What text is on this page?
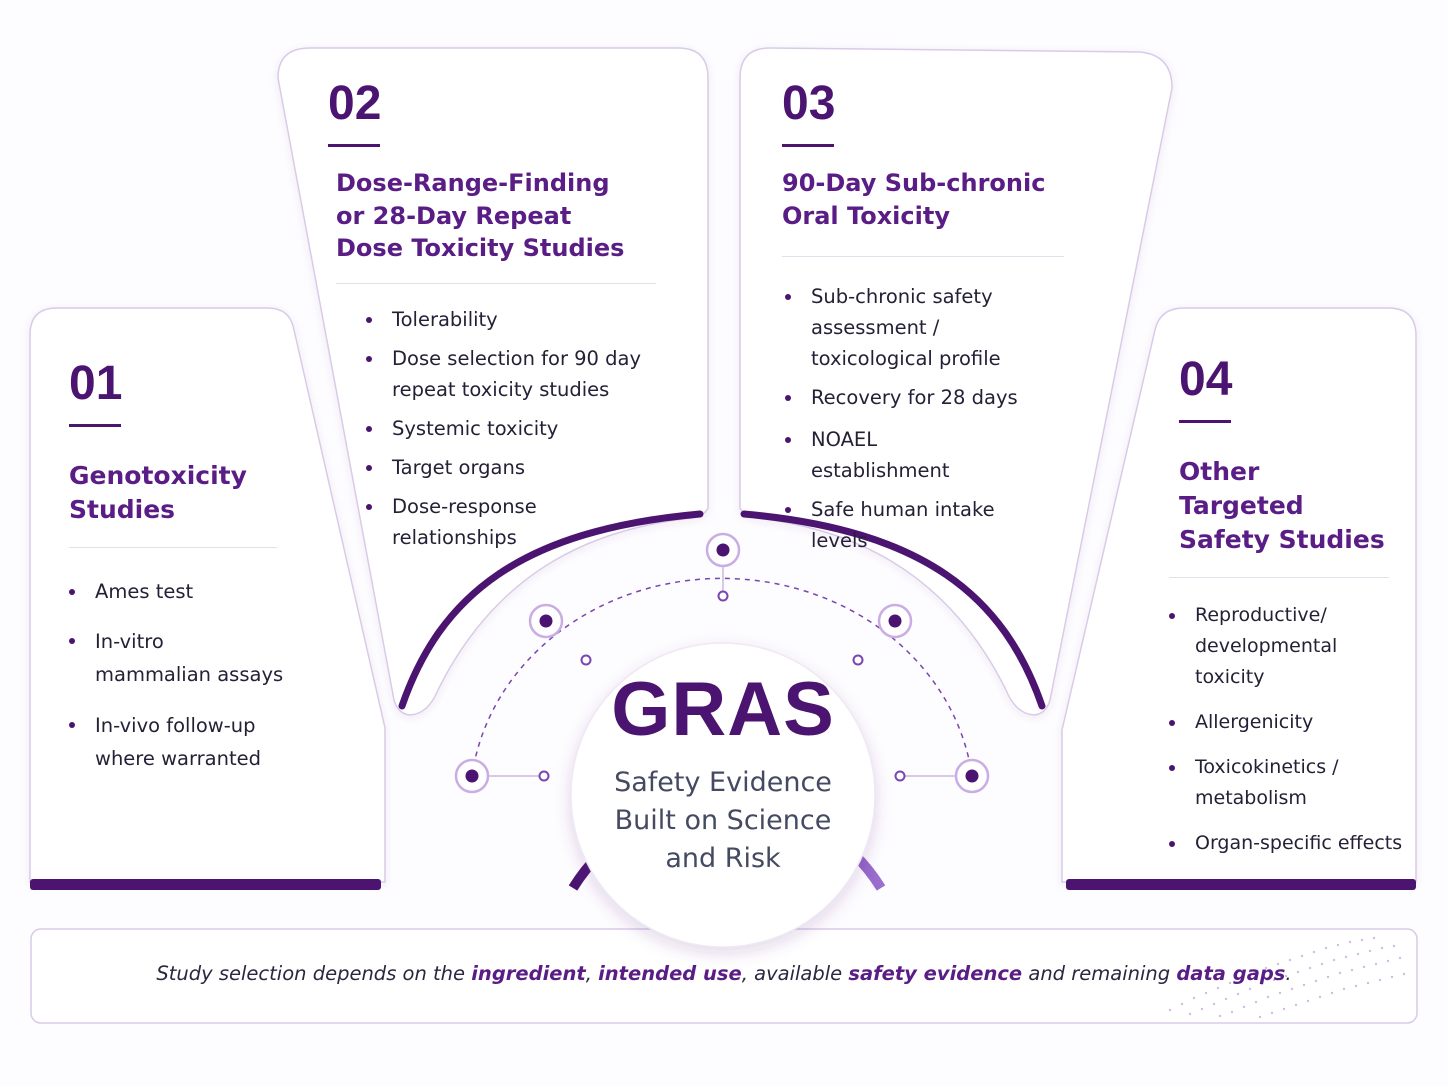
01
Genotoxicity Studies
Ames test
In-vitro mammalian assays
In-vivo follow-up where warranted
02
Dose-Range-Finding or 28-Day Repeat Dose Toxicity Studies
Tolerability
Dose selection for 90 day repeat toxicity studies
Systemic toxicity
Target organs
Dose-response relationships
03
90-Day Sub-chronic Oral Toxicity
Sub-chronic safety assessment / toxicological profile
Recovery for 28 days
NOAEL establishment
Safe human intake levels
04
Other Targeted Safety Studies
Reproductive/ developmental toxicity
Allergenicity
Toxicokinetics / metabolism
Organ-specific effects
GRAS
Safety Evidence
Built on Science
and Risk
Study selection depends on the ingredient, intended use, available safety evidence and remaining data gaps.
